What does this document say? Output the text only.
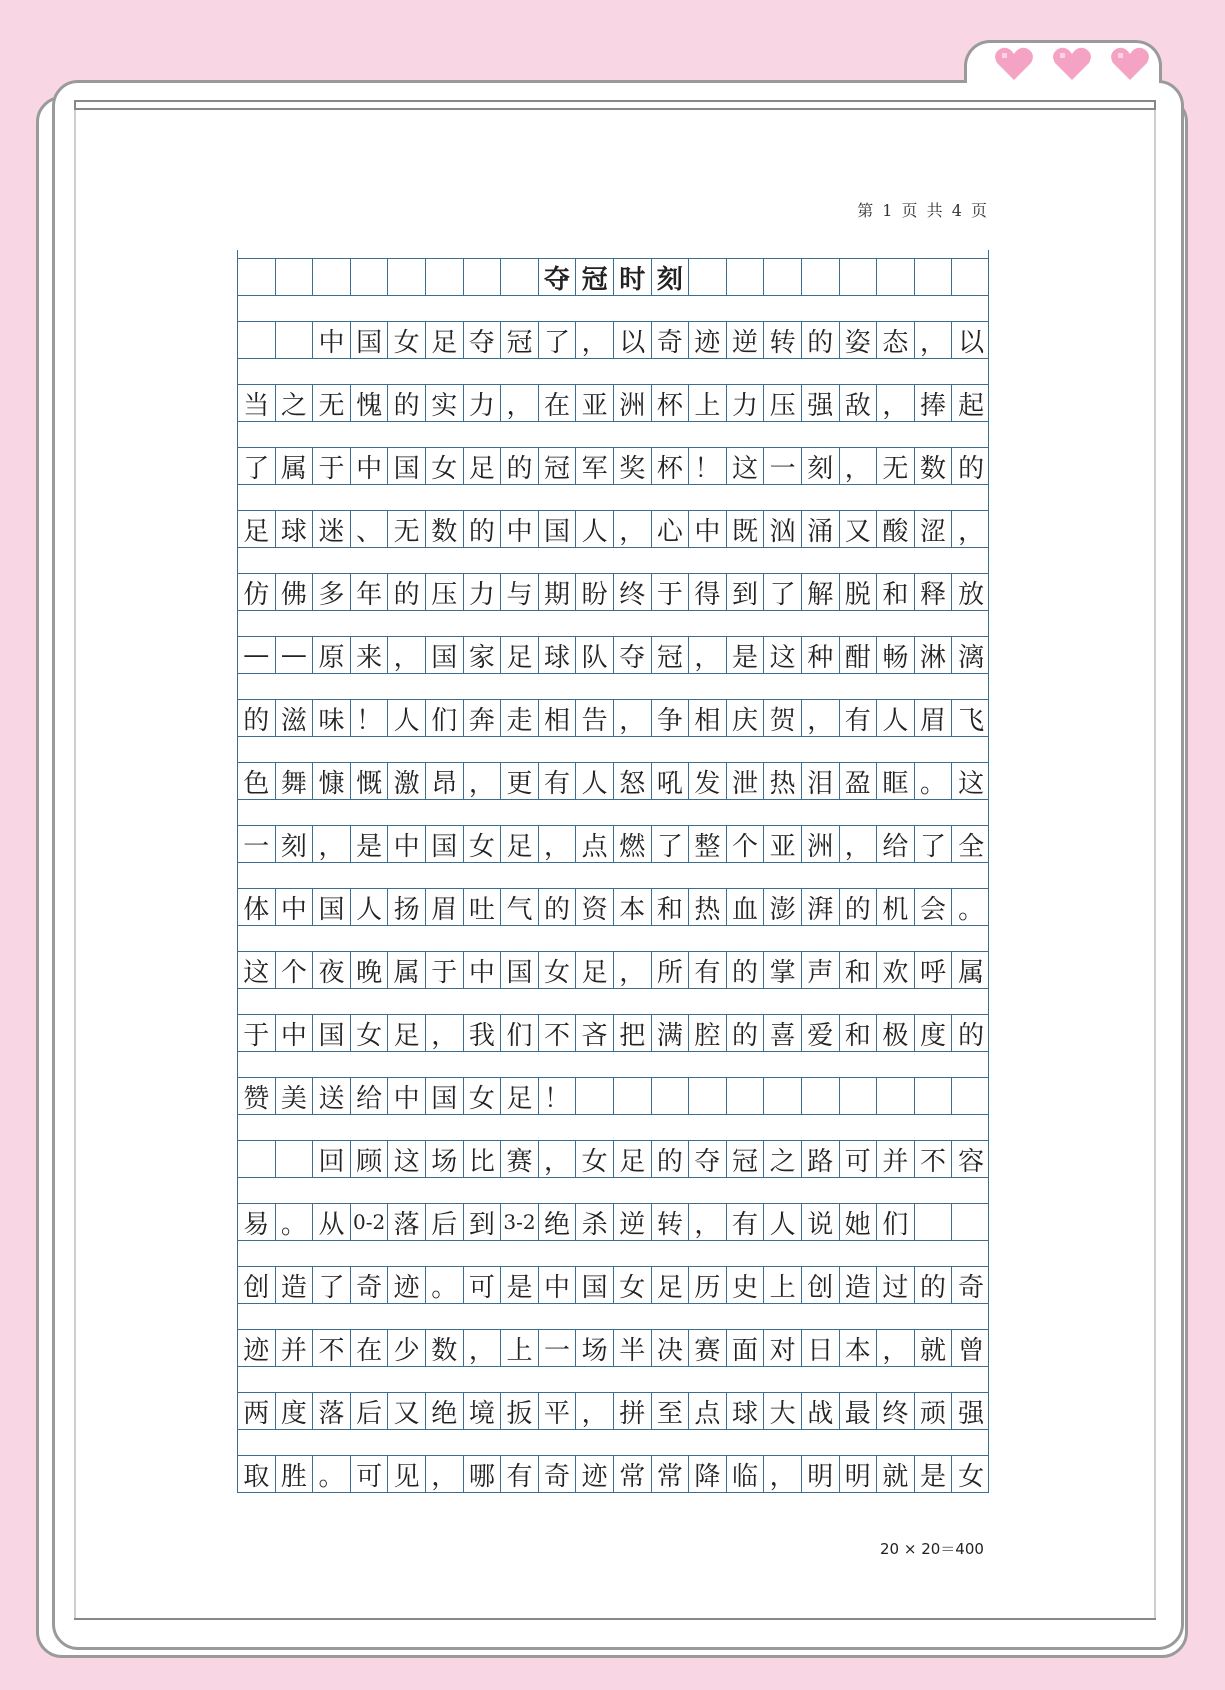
第 1 页 共 4 页
夺 冠 时 刻
中 国 女 足 夺 冠 了 ， 以 奇 迹 逆 转 的 姿 态 ， 以
当 之 无 愧 的 实 力 ， 在 亚 洲 杯 上 力 压 强 敌 ， 捧 起
了 属 于 中 国 女 足 的 冠 军 奖 杯 ！ 这 一 刻 ， 无 数 的
足 球 迷 、 无 数 的 中 国 人 ， 心 中 既 汹 涌 又 酸 涩 ，
仿 佛 多 年 的 压 力 与 期 盼 终 于 得 到 了 解 脱 和 释 放
— — 原 来 ， 国 家 足 球 队 夺 冠 ， 是 这 种 酣 畅 淋 漓
的 滋 味 ！ 人 们 奔 走 相 告 ， 争 相 庆 贺 ， 有 人 眉 飞
色 舞 慷 慨 激 昂 ， 更 有 人 怒 吼 发 泄 热 泪 盈 眶 。 这
一 刻 ， 是 中 国 女 足 ， 点 燃 了 整 个 亚 洲 ， 给 了 全
体 中 国 人 扬 眉 吐 气 的 资 本 和 热 血 澎 湃 的 机 会 。
这 个 夜 晚 属 于 中 国 女 足 ， 所 有 的 掌 声 和 欢 呼 属
于 中 国 女 足 ， 我 们 不 吝 把 满 腔 的 喜 爱 和 极 度 的
赞 美 送 给 中 国 女 足 ！
回 顾 这 场 比 赛 ， 女 足 的 夺 冠 之 路 可 并 不 容
易 。 从 0-2 落 后 到 3-2 绝 杀 逆 转 ， 有 人 说 她 们
创 造 了 奇 迹 。 可 是 中 国 女 足 历 史 上 创 造 过 的 奇
迹 并 不 在 少 数 ， 上 一 场 半 决 赛 面 对 日 本 ， 就 曾
两 度 落 后 又 绝 境 扳 平 ， 拼 至 点 球 大 战 最 终 顽 强
取 胜 。 可 见 ， 哪 有 奇 迹 常 常 降 临 ， 明 明 就 是 女
20 × 20＝400
